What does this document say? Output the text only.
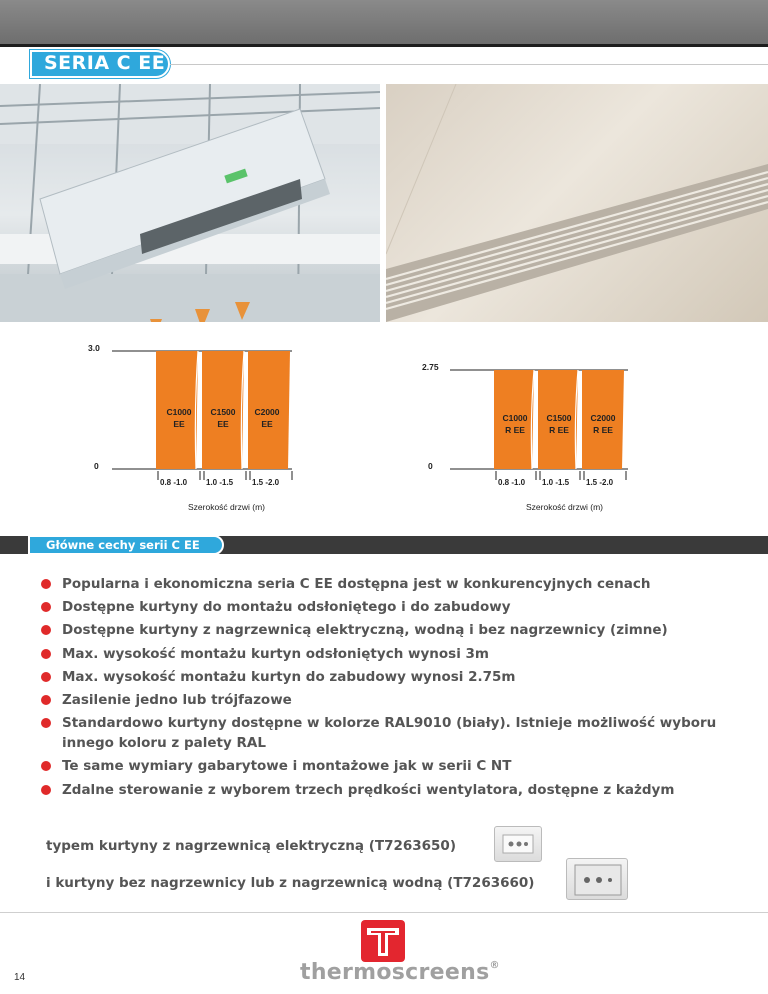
SERIA C EE
3.0
0
C1000
EE
C1500
EE
C2000
EE
0.8 -1.0 1.0 -1.5 1.5 -2.0
Szerokość drzwi (m)
2.75
0
C1000
R EE
C1500
R EE
C2000
R EE
0.8 -1.0 1.0 -1.5 1.5 -2.0
Szerokość drzwi (m)
Główne cechy serii C EE
Popularna i ekonomiczna seria C EE dostępna jest w konkurencyjnych cenach
Dostępne kurtyny do montażu odsłoniętego i do zabudowy
Dostępne kurtyny z nagrzewnicą elektryczną, wodną i bez nagrzewnicy (zimne)
Max. wysokość montażu kurtyn odsłoniętych wynosi 3m
Max. wysokość montażu kurtyn do zabudowy wynosi 2.75m
Zasilenie jedno lub trójfazowe
Standardowo kurtyny dostępne w kolorze RAL9010 (biały). Istnieje możliwość wyboru innego koloru z palety RAL
Te same wymiary gabarytowe i montażowe jak w serii C NT
Zdalne sterowanie z wyborem trzech prędkości wentylatora, dostępne z każdym
typem kurtyny z nagrzewnicą elektryczną (T7263650)
i kurtyny bez nagrzewnicy lub z nagrzewnicą wodną (T7263660)
14	thermoscreens®
